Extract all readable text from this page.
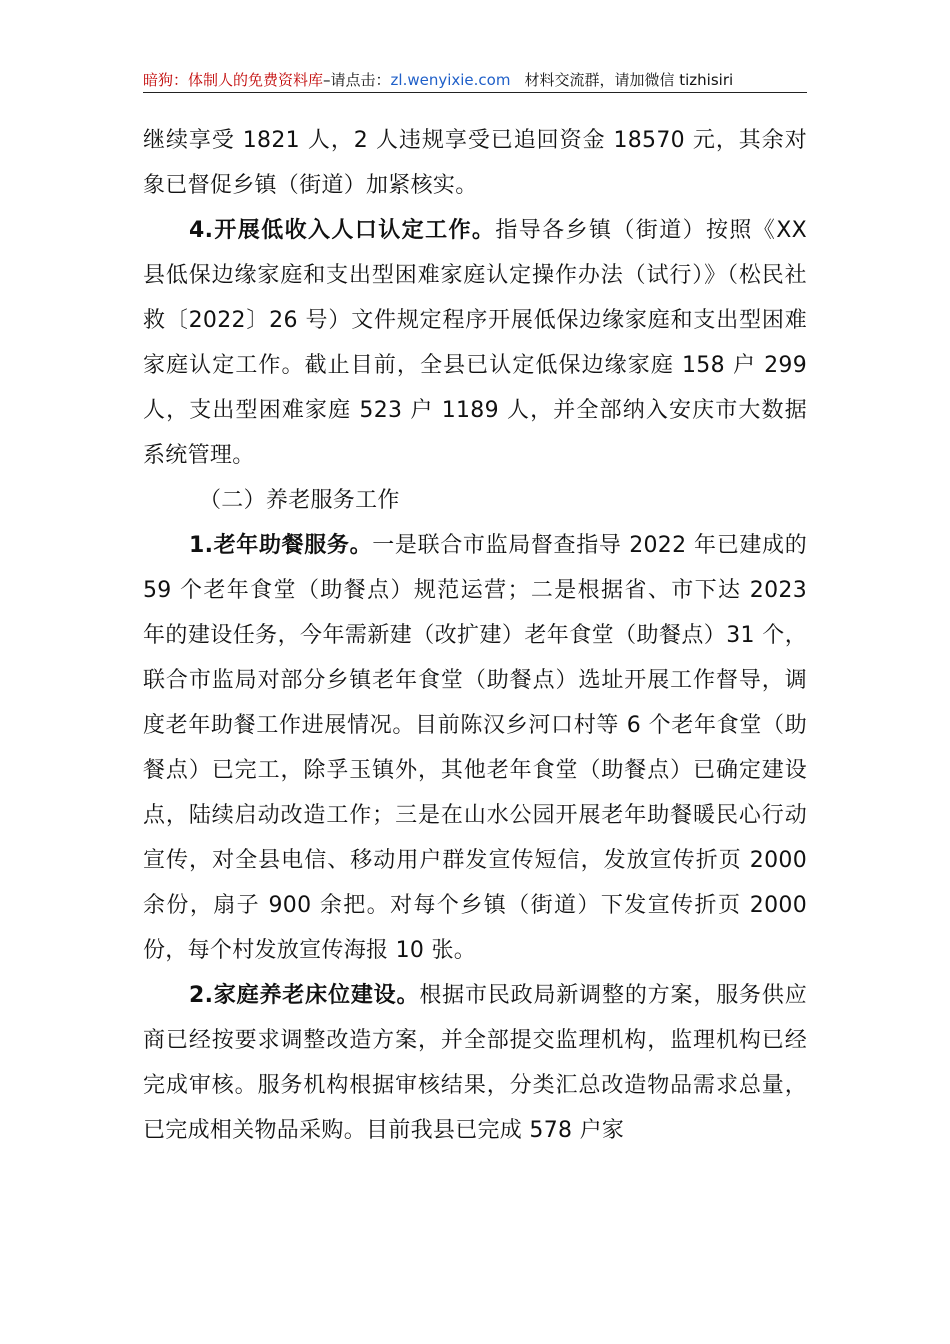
暗狗：体制人的免费资料库–请点击：zl.wenyixie.com 材料交流群，请加微信 tizhisiri

继续享受 1821 人，2 人违规享受已追回资金 18570 元，其余对象已督促乡镇（街道）加紧核实。

4.开展低收入人口认定工作。指导各乡镇（街道）按照《XX 县低保边缘家庭和支出型困难家庭认定操作办法（试行）》（松民社救〔2022〕26 号）文件规定程序开展低保边缘家庭和支出型困难家庭认定工作。截止目前，全县已认定低保边缘家庭 158 户 299 人，支出型困难家庭 523 户 1189 人，并全部纳入安庆市大数据系统管理。

（二）养老服务工作

1.老年助餐服务。一是联合市监局督查指导 2022 年已建成的 59 个老年食堂（助餐点）规范运营；二是根据省、市下达 2023 年的建设任务，今年需新建（改扩建）老年食堂（助餐点）31 个，联合市监局对部分乡镇老年食堂（助餐点）选址开展工作督导，调度老年助餐工作进展情况。目前陈汉乡河口村等 6 个老年食堂（助餐点）已完工，除孚玉镇外，其他老年食堂（助餐点）已确定建设点，陆续启动改造工作；三是在山水公园开展老年助餐暖民心行动宣传，对全县电信、移动用户群发宣传短信，发放宣传折页 2000 余份，扇子 900 余把。对每个乡镇（街道）下发宣传折页 2000 份，每个村发放宣传海报 10 张。

2.家庭养老床位建设。根据市民政局新调整的方案，服务供应商已经按要求调整改造方案，并全部提交监理机构，监理机构已经完成审核。服务机构根据审核结果，分类汇总改造物品需求总量，已完成相关物品采购。目前我县已完成 578 户家
